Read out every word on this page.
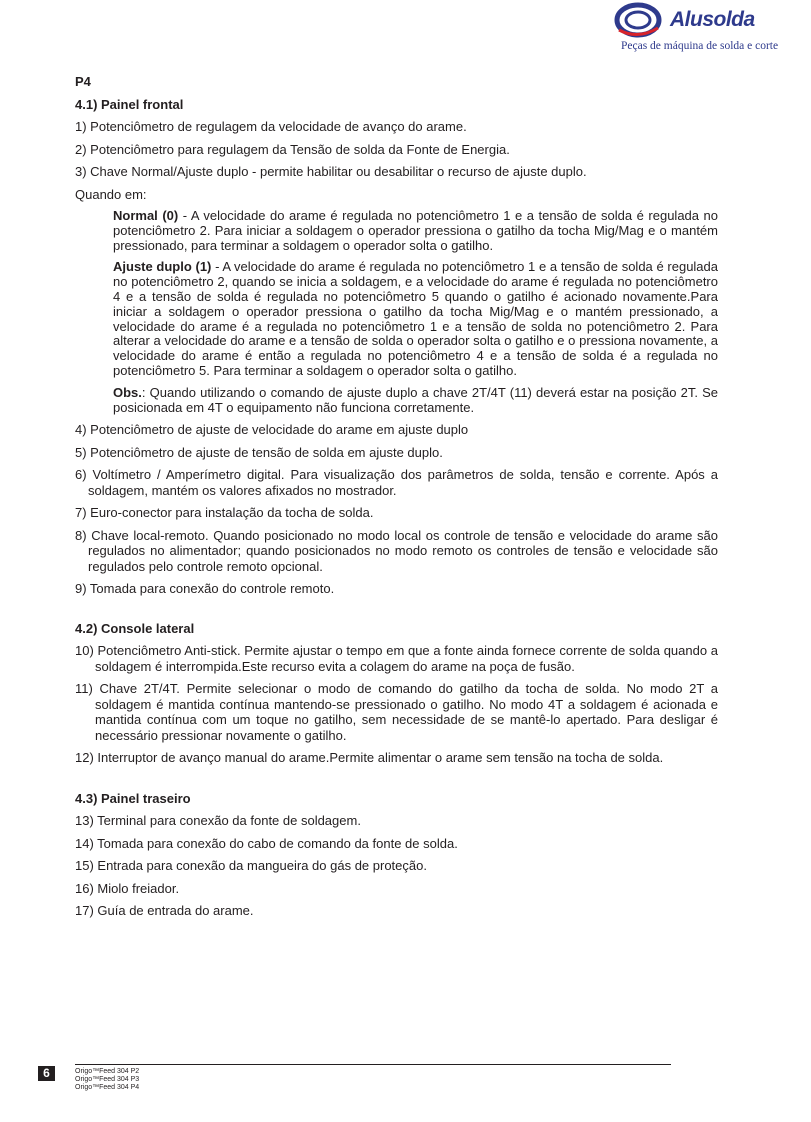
Alusolda
Peças de máquina de solda e corte
P4
4.1) Painel frontal
1) Potenciômetro de regulagem da velocidade de avanço do arame.
2) Potenciômetro para regulagem da Tensão de solda da Fonte de Energia.
3) Chave Normal/Ajuste duplo - permite habilitar ou desabilitar o recurso de ajuste duplo.
Quando em:
Normal (0) - A velocidade do arame é regulada no potenciômetro 1 e a tensão de solda é regulada no potenciômetro 2. Para iniciar a soldagem o operador pressiona o gatilho da tocha Mig/Mag e o mantém pressionado, para terminar a soldagem o operador solta o gatilho.
Ajuste duplo (1) - A velocidade do arame é regulada no potenciômetro 1 e a tensão de solda é regulada no potenciômetro 2, quando se inicia a soldagem, e a velocidade do arame é regulada no potenciômetro 4 e a tensão de solda é regulada no potenciômetro 5 quando o gatilho é acionado novamente.Para iniciar a soldagem o operador pressiona o gatilho da tocha Mig/Mag e o mantém pressionado, a velocidade do arame é a regulada no potenciômetro 1 e a tensão de solda no potenciômetro 2. Para alterar a velocidade do arame e a tensão de solda o operador solta o gatilho e o pressiona novamente, a velocidade do arame é então a regulada no potenciômetro 4 e a tensão de solda é a regulada no potenciômetro 5. Para terminar a soldagem o operador solta o gatilho.
Obs.: Quando utilizando o comando de ajuste duplo a chave 2T/4T (11) deverá estar na posição 2T. Se posicionada em 4T o equipamento não funciona corretamente.
4) Potenciômetro de ajuste de velocidade do arame em ajuste duplo
5) Potenciômetro de ajuste de tensão de solda em ajuste duplo.
6) Voltímetro / Amperímetro digital. Para visualização dos parâmetros de solda, tensão e corrente. Após a soldagem, mantém os valores afixados no mostrador.
7) Euro-conector para instalação da tocha de solda.
8) Chave local-remoto. Quando posicionado no modo local os controle de tensão e velocidade do arame são regulados no alimentador; quando posicionados no modo remoto os controles de tensão e velocidade são regulados pelo controle remoto opcional.
9) Tomada para conexão do controle remoto.
4.2) Console lateral
10) Potenciômetro Anti-stick. Permite ajustar o tempo em que a fonte ainda fornece corrente de solda quando a soldagem é interrompida.Este recurso evita a colagem do arame na poça de fusão.
11) Chave 2T/4T. Permite selecionar o modo de comando do gatilho da tocha de solda. No modo 2T a soldagem é mantida contínua mantendo-se pressionado o gatilho. No modo 4T a soldagem é acionada e mantida contínua com um toque no gatilho, sem necessidade de se mantê-lo apertado. Para desligar é necessário pressionar novamente o gatilho.
12) Interruptor de avanço manual do arame.Permite alimentar o arame sem tensão na tocha de solda.
4.3) Painel traseiro
13) Terminal para conexão da fonte de soldagem.
14) Tomada para conexão do cabo de comando da fonte de solda.
15) Entrada para conexão da mangueira do gás de proteção.
16) Miolo freiador.
17) Guía de entrada do arame.
6	Origo™Feed 304 P2
Origo™Feed 304 P3
Origo™Feed 304 P4
